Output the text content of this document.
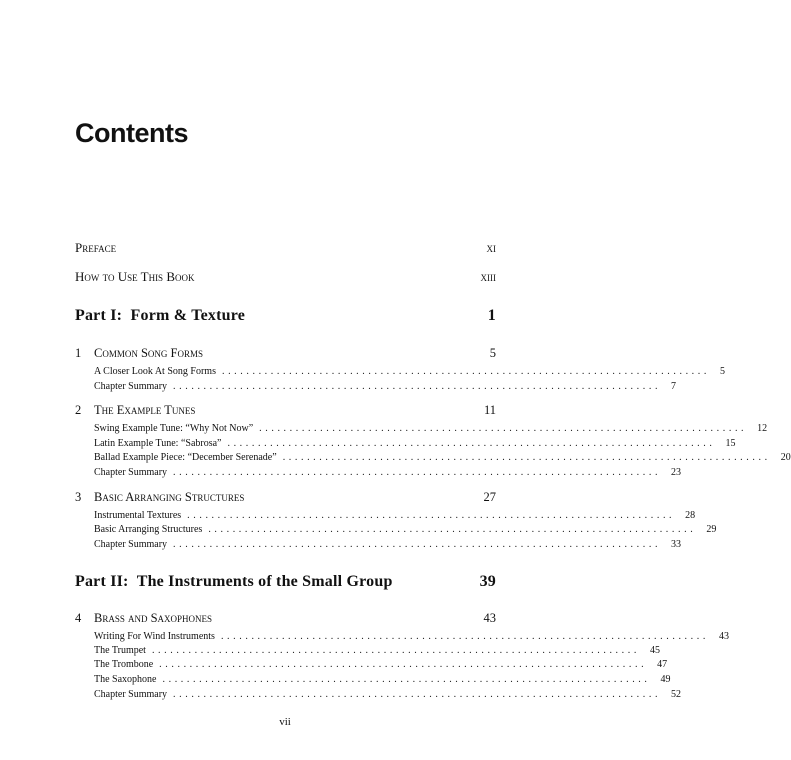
Contents
Preface	xi
How to Use This Book	xiii
Part I:  Form & Texture	1
1	Common Song Forms	5
A Closer Look At Song Forms ................................................................................ 5
Chapter Summary ................................................................................ 7
2	The Example Tunes	11
Swing Example Tune: “Why Not Now” ................................................................................ 12
Latin Example Tune: “Sabrosa” ................................................................................ 15
Ballad Example Piece: “December Serenade” ................................................................................ 20
Chapter Summary ................................................................................ 23
3	Basic Arranging Structures	27
Instrumental Textures ................................................................................ 28
Basic Arranging Structures ................................................................................ 29
Chapter Summary ................................................................................ 33
Part II:  The Instruments of the Small Group	39
4	Brass and Saxophones	43
Writing For Wind Instruments ................................................................................ 43
The Trumpet ................................................................................ 45
The Trombone ................................................................................ 47
The Saxophone ................................................................................ 49
Chapter Summary ................................................................................ 52
vii
